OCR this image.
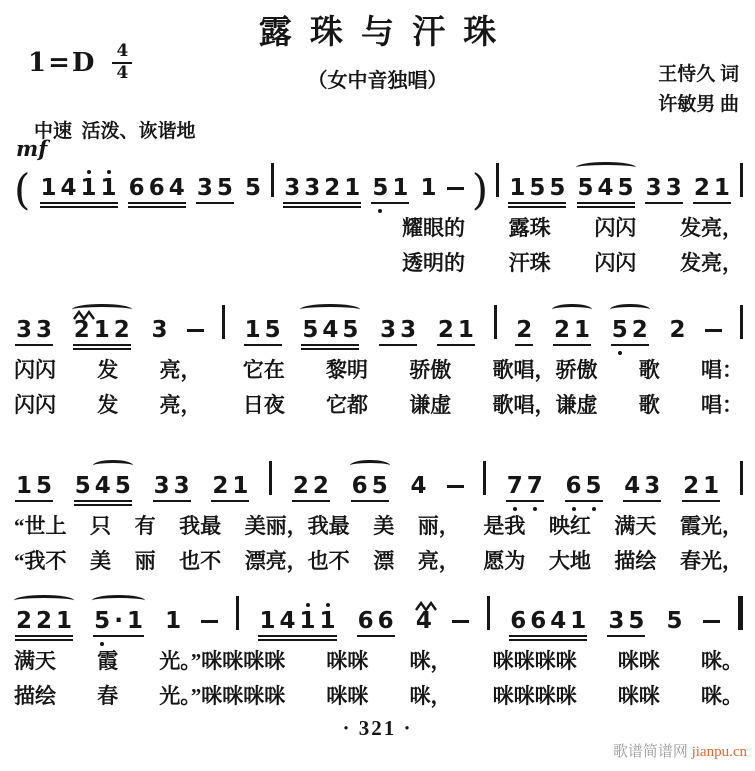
露珠与汗珠
$1=D \frac{4}{4}$	（女中音独唱）	王恃久 词
许敏男 曲
中速  活泼、诙谐地
mf
( 1 4 1 1 6 6 4 3 5 5 3 3 2 1 5 1 1 ) 1 5 5 5 4 5 3 3 2 1
耀眼的 露珠 闪闪 发亮，
透明的 汗珠 闪闪 发亮，
3 3 2 1 2 3	1 5 5 4 5 3 3 2 1 2 2 1 5 2 2
闪闪 发 亮， 它在 黎明 骄傲 歌唱，骄傲 歌 唱：
闪闪 发 亮， 日夜 它都 谦虚 歌唱，谦虚 歌 唱：
1 5 5 4 5 3 3 2 1 2 2 6 5 4	7 7 6 5 4 3 2 1
“世上 只 有 我最 美丽，我最 美 丽， 是我 映红 满天 霞光，
“我不 美 丽 也不 漂亮，也不 漂 亮， 愿为 大地 描绘 春光，
2 2 1 5 · 1 1	1 4 1 1 6 6 4	6 6 4 1 3 5 5
满天 霞 光。”咪咪咪咪 咪咪 咪， 咪咪咪咪 咪咪 咪。
描绘 春 光。”咪咪咪咪 咪咪 咪， 咪咪咪咪 咪咪 咪。
· 321 ·
歌谱简谱网 jianpu.cn
